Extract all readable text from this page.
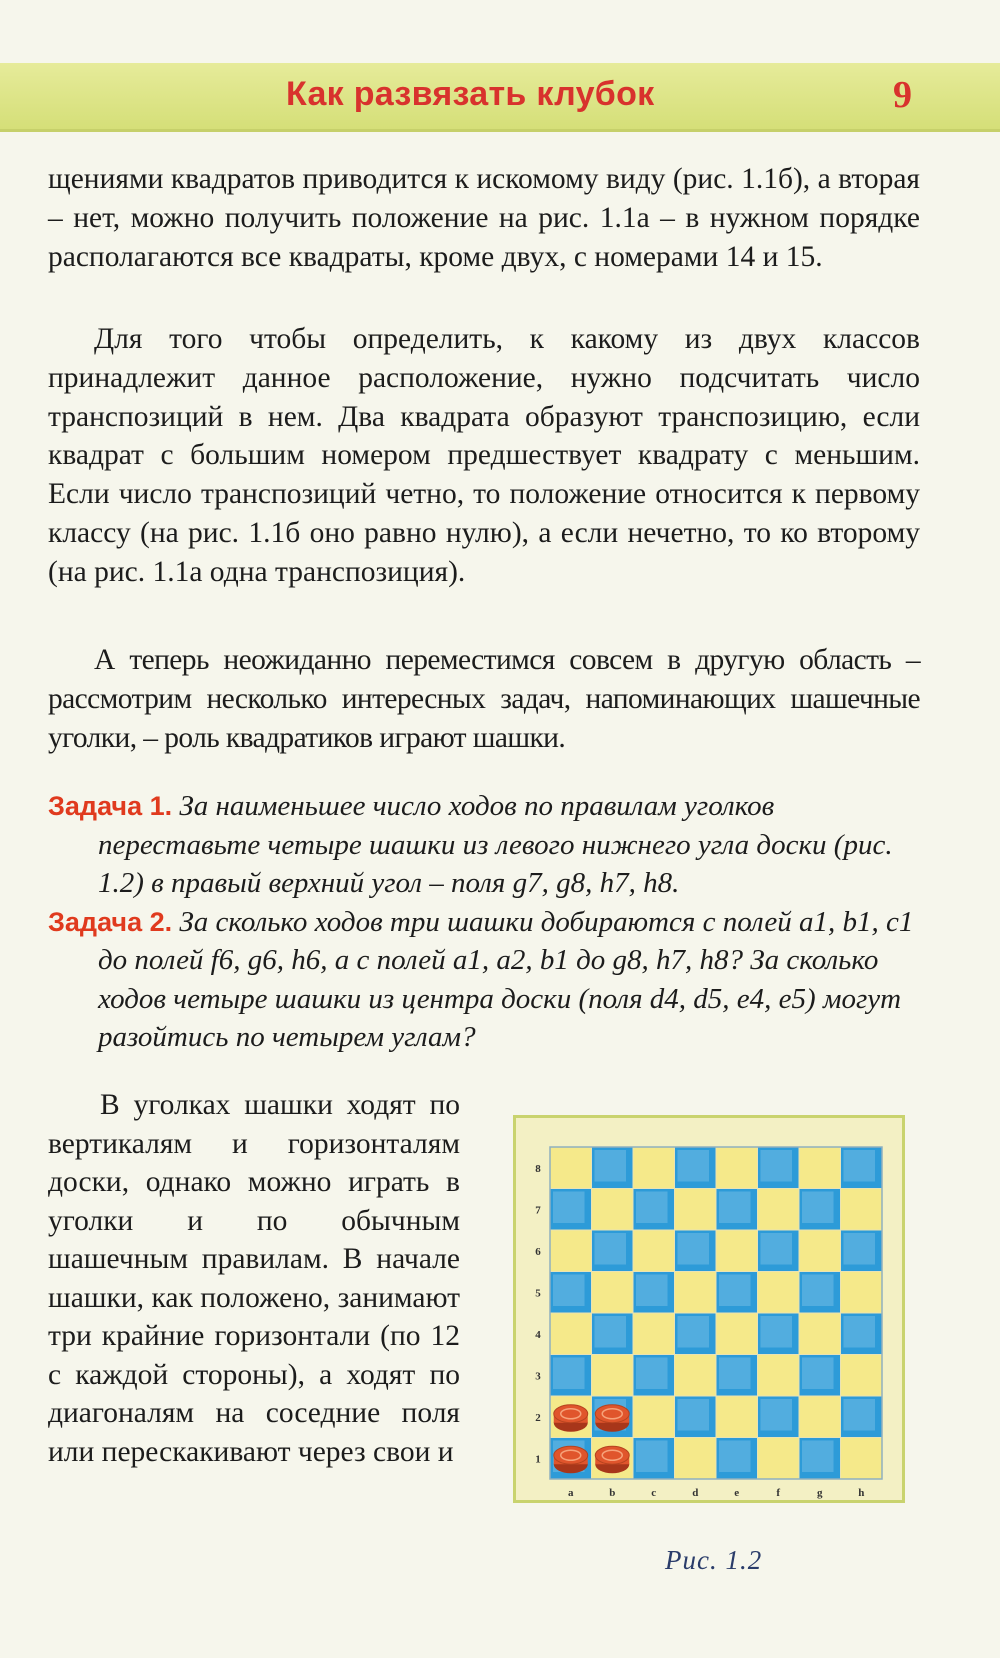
Как развязать клубок	9

щениями квадратов приводится к искомому виду (рис. 1.1б), а вторая – нет, можно получить положение на рис. 1.1а – в нужном порядке располагаются все квадраты, кроме двух, с номерами 14 и 15.

Для того чтобы определить, к какому из двух классов принадлежит данное расположение, нужно подсчитать число транспозиций в нем. Два квадрата образуют транспозицию, если квадрат с большим номером предшествует квадрату с меньшим. Если число транспозиций четно, то положение относится к первому классу (на рис. 1.1б оно равно нулю), а если нечетно, то ко второму (на рис. 1.1а одна транспозиция).

А теперь неожиданно переместимся совсем в другую область – рассмотрим несколько интересных задач, напоминающих шашечные уголки, – роль квадратиков играют шашки.

Задача 1. За наименьшее число ходов по правилам уголков переставьте четыре шашки из левого нижнего угла доски (рис. 1.2) в правый верхний угол – поля g7, g8, h7, h8.

Задача 2. За сколько ходов три шашки добираются с полей a1, b1, c1 до полей f6, g6, h6, а с полей a1, a2, b1 до g8, h7, h8? За сколько ходов четыре шашки из центра доски (поля d4, d5, e4, e5) могут разойтись по четырем углам?

В уголках шашки ходят по вертикалям и горизонталям доски, однако можно играть в уголки и по обычным шашечным правилам. В начале шашки, как положено, занимают три крайние горизонтали (по 12 с каждой стороны), а ходят по диагоналям на соседние поля или перескакивают через свои и	1
2
3
4
5
6
7
8
a	b	c	d	e	f	g	h
Рис. 1.2
